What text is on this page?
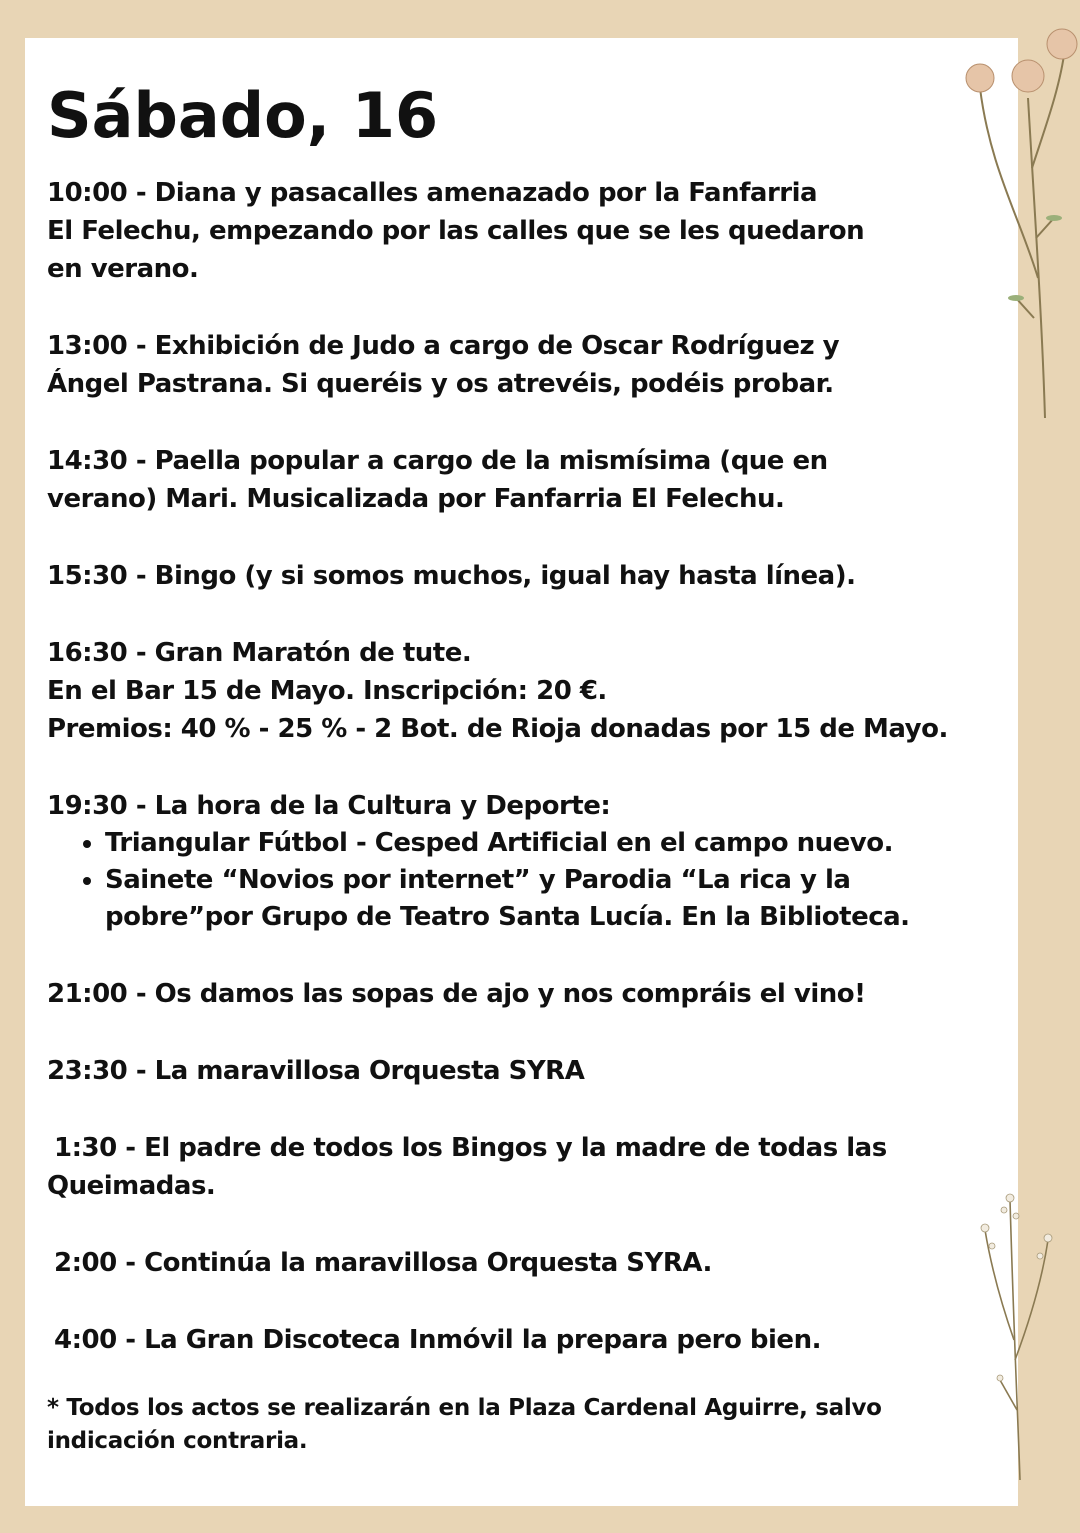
Sábado, 16
10:00 - Diana y pasacalles amenazado por la Fanfarria
El Felechu, empezando por las calles que se les quedaron
en verano.
13:00 - Exhibición de Judo a cargo de Oscar Rodríguez y
Ángel Pastrana. Si queréis y os atrevéis, podéis probar.
14:30 - Paella popular a cargo de la mismísima (que en
verano) Mari. Musicalizada por Fanfarria El Felechu.
15:30 - Bingo (y si somos muchos, igual hay hasta línea).
16:30 - Gran Maratón de tute.
En el Bar 15 de Mayo. Inscripción: 20 €.
Premios: 40 % - 25 % - 2 Bot. de Rioja donadas por 15 de Mayo.
19:30 - La hora de la Cultura y Deporte:
• Triangular Fútbol - Cesped Artificial en el campo nuevo.
• Sainete “Novios por internet” y Parodia “La rica y la pobre”por Grupo de Teatro Santa Lucía. En la Biblioteca.
21:00 - Os damos las sopas de ajo y nos compráis el vino!
23:30 - La maravillosa Orquesta SYRA
1:30 - El padre de todos los Bingos y la madre de todas las
Queimadas.
2:00 - Continúa la maravillosa Orquesta SYRA.
4:00 - La Gran Discoteca Inmóvil la prepara pero bien.
* Todos los actos se realizarán en la Plaza Cardenal Aguirre, salvo indicación contraria.
